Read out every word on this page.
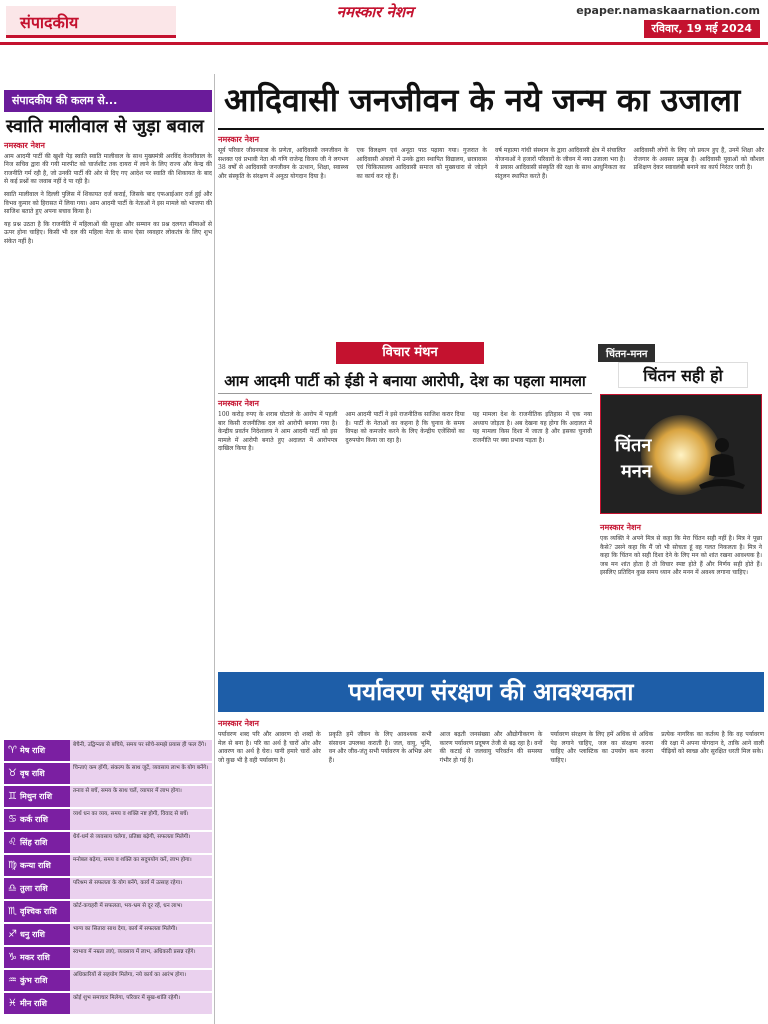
संपादकीय
नमस्कार नेशन	epaper.namaskaarnation.com
रविवार, 19 मई 2024
संपादकीय की कलम से...
स्वाति मालीवाल से जुड़ा बवाल
नमस्कार नेशन

आम आदमी पार्टी की खुशी पेड़ स्वाति स्वाति मालीवाल के साथ मुख्यमंत्री अरविंद केजरीवाल के निज सचिव द्वारा की गयी मारपीट को चार्जशीट तक दायरा में लाने के लिए राज्य और केन्द्र की राजनीति गर्म रही है, जो उनकी पार्टी की ओर से दिए गए आदेश पर स्वाति की शिकायत के बाद से कई प्रश्नों का जवाब नहीं दे पा रही है।

स्वाति मालीवाल ने दिल्ली पुलिस में शिकायत दर्ज कराई, जिसके बाद एफआईआर दर्ज हुई और विभव कुमार को हिरासत में लिया गया। आम आदमी पार्टी के नेताओं ने इस मामले को भाजपा की साजिश बताते हुए अपना बचाव किया है।

यह प्रश्न उठता है कि राजनीति में महिलाओं की सुरक्षा और सम्मान का प्रश्न दलगत सीमाओं से ऊपर होना चाहिए। किसी भी दल की महिला नेता के साथ ऐसा व्यवहार लोकतंत्र के लिए शुभ संकेत नहीं है।

आदिवासी जनजीवन के नये जन्म का उजाला
नमस्कार नेशन

सूर्य परिवार जीवनयात्रा के प्रणेता, आदिवासी जनजीवन के सशक्त एवं प्रभावी नेता श्री गणि राजेन्द्र विजय जी ने लगभग 38 वर्षों से आदिवासी जनजीवन के उत्थान, शिक्षा, स्वास्थ्य और संस्कृति के संरक्षण में अनूठा योगदान दिया है।

एक विलक्षण एवं अनूठा पाठ पढ़ाया गया। गुजरात के आदिवासी अंचलों में उनके द्वारा स्थापित विद्यालय, छात्रावास एवं चिकित्सालय आदिवासी समाज को मुख्यधारा से जोड़ने का कार्य कर रहे हैं।

वर्ष महात्मा गांधी संस्थान के द्वारा आदिवासी क्षेत्र में संचालित योजनाओं ने हजारों परिवारों के जीवन में नया उजाला भरा है। ये प्रयास आदिवासी संस्कृति की रक्षा के साथ आधुनिकता का संतुलन स्थापित करते हैं।

आदिवासी लोगों के लिए जो प्रयत्न हुए हैं, उनमें शिक्षा और रोजगार के अवसर प्रमुख हैं। आदिवासी युवाओं को कौशल प्रशिक्षण देकर स्वावलंबी बनाने का कार्य निरंतर जारी है।

विचार मंथन
आम आदमी पार्टी को ईडी ने बनाया आरोपी, देश का पहला मामला
नमस्कार नेशन

100 करोड़ रुपए के शराब घोटाले के आरोप में पहली बार किसी राजनीतिक दल को आरोपी बनाया गया है। केन्द्रीय प्रवर्तन निदेशालय ने आम आदमी पार्टी को इस मामले में आरोपी बनाते हुए अदालत में आरोपपत्र दाखिल किया है।

आम आदमी पार्टी ने इसे राजनीतिक साजिश करार दिया है। पार्टी के नेताओं का कहना है कि चुनाव के समय विपक्ष को कमजोर करने के लिए केन्द्रीय एजेंसियों का दुरुपयोग किया जा रहा है।

यह मामला देश के राजनीतिक इतिहास में एक नया अध्याय जोड़ता है। अब देखना यह होगा कि अदालत में यह मामला किस दिशा में जाता है और इसका चुनावी राजनीति पर क्या प्रभाव पड़ता है।

चिंतन-मनन
चिंतन सही हो
चिंतन
मनन
नमस्कार नेशन

एक व्यक्ति ने अपने मित्र से कहा कि मेरा चिंतन सही नहीं है। मित्र ने पूछा कैसे? उसने कहा कि मैं जो भी सोचता हूं वह गलत निकलता है। मित्र ने कहा कि चिंतन को सही दिशा देने के लिए मन को शांत रखना आवश्यक है। जब मन शांत होता है तो विचार स्पष्ट होते हैं और निर्णय सही होते हैं। इसलिए प्रतिदिन कुछ समय ध्यान और मनन में अवश्य लगाना चाहिए।

♈ मेष राशि
बेचैनी, उद्विग्नता से बचिये, समय पर सोचे-समझे प्रयास ही फल देंगे।
♉ वृष राशि
चिन्ताएं कम होंगी, संकल्प के साथ जुटें, व्यवसाय लाभ के योग बनेंगे।
♊ मिथुन राशि
तनाव से बचें, समय के साथ चलें, व्यापार में लाभ होगा।
♋ कर्क राशि
व्यर्थ धन का व्यय, समय व शक्ति नष्ट होगी, विवाद से बचें।
♌ सिंह राशि
धैर्य-धर्म से व्यवसाय चलेगा, प्रतिष्ठा बढ़ेगी, सफलता मिलेगी।
♍ कन्या राशि
मनोबल बढ़ेगा, समय व शक्ति का सदुपयोग करें, लाभ होगा।
♎ तुला राशि
परिश्रम से सफलता के योग बनेंगे, कार्य में उत्साह रहेगा।
♏ वृश्चिक राशि
कोर्ट-कचहरी में सफलता, भय-भ्रम से दूर रहें, धन लाभ।
♐ धनु राशि
भाग्य का सितारा साथ देगा, कार्य में सफलता मिलेगी।
♑ मकर राशि
स्वभाव में नम्रता लाएं, व्यवसाय में लाभ, अधिकारी प्रसन्न रहेंगे।
♒ कुंभ राशि
अधिकारियों से सहयोग मिलेगा, नये कार्य का आरंभ होगा।
♓ मीन राशि
कोई शुभ समाचार मिलेगा, परिवार में सुख-शांति रहेगी।
पर्यावरण संरक्षण की आवश्यकता
नमस्कार नेशन

पर्यावरण शब्द परि और आवरण दो शब्दों के मेल से बना है। परि का अर्थ है चारों ओर और आवरण का अर्थ है घेरा। यानी हमारे चारों ओर जो कुछ भी है वही पर्यावरण है।

प्रकृति हमें जीवन के लिए आवश्यक सभी संसाधन उपलब्ध कराती है। जल, वायु, भूमि, वन और जीव-जंतु सभी पर्यावरण के अभिन्न अंग हैं।

आज बढ़ती जनसंख्या और औद्योगीकरण के कारण पर्यावरण प्रदूषण तेजी से बढ़ रहा है। वनों की कटाई से जलवायु परिवर्तन की समस्या गंभीर हो गई है।

पर्यावरण संरक्षण के लिए हमें अधिक से अधिक पेड़ लगाने चाहिए, जल का संरक्षण करना चाहिए और प्लास्टिक का उपयोग कम करना चाहिए।

प्रत्येक नागरिक का कर्तव्य है कि वह पर्यावरण की रक्षा में अपना योगदान दे, ताकि आने वाली पीढ़ियों को स्वच्छ और सुरक्षित धरती मिल सके।
